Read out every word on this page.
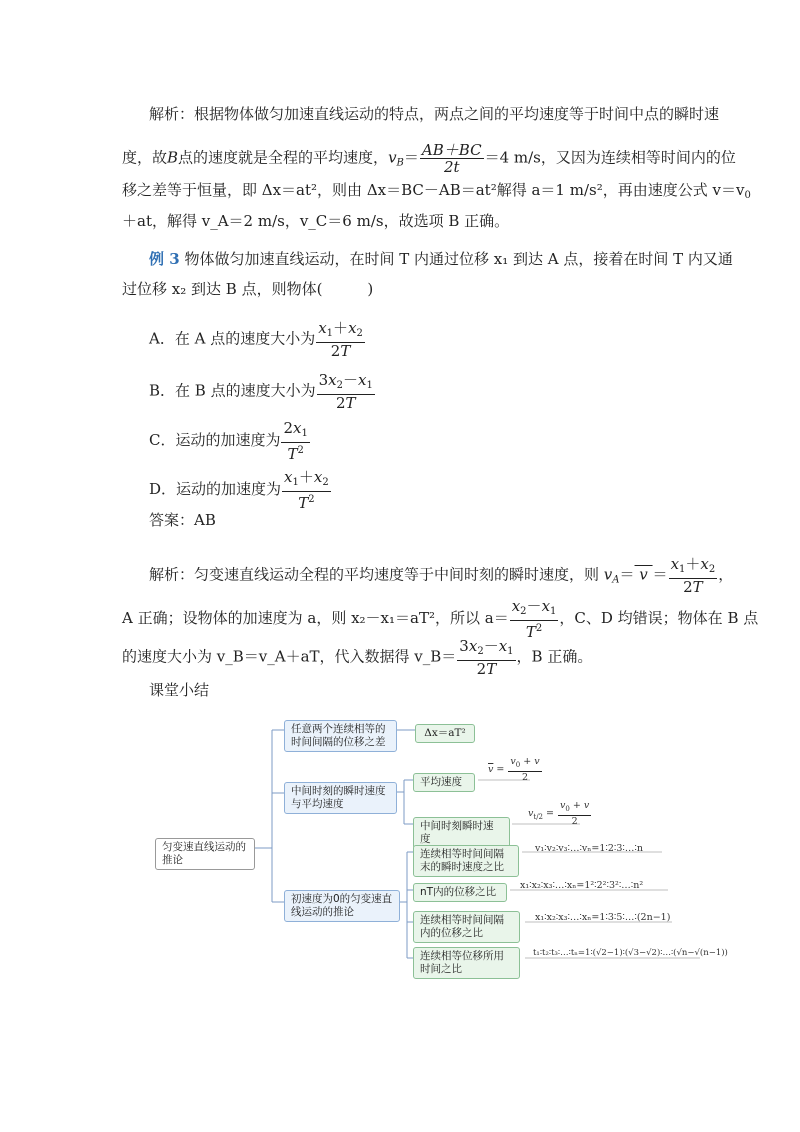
解析：根据物体做匀加速直线运动的特点，两点之间的平均速度等于时间中点的瞬时速
度，故B点的速度就是全程的平均速度，$v_B= \frac{AB+BC}{2t} =4$ m/s，又因为连续相等时间内的位
移之差等于恒量，即 Δx＝at²，则由 Δx＝BC－AB＝at²解得 a＝1 m/s²，再由速度公式 $v=v_0$
＋at，解得 v_A＝2 m/s，v_C＝6 m/s，故选项 B 正确。
例 3 物体做匀加速直线运动，在时间 T 内通过位移 x₁ 到达 A 点，接着在时间 T 内又通
过位移 x₂ 到达 B 点，则物体(　　　)
A．在 A 点的速度大小为 $\frac{x_1+x_2}{2T}$
B．在 B 点的速度大小为 $\frac{3x_2-x_1}{2T}$
C．运动的加速度为 $\frac{2x_1}{T^2}$
D．运动的加速度为 $\frac{x_1+x_2}{T^2}$
答案：AB
解析：匀变速直线运动全程的平均速度等于中间时刻的瞬时速度，则 $v_A= v = \frac{x_1+x_2}{2T}$ ，
A 正确；设物体的加速度为 a，则 x₂－x₁＝aT²，所以 $a= \frac{x_2-x_1}{T^2}$ ，C、D 均错误；物体在 B 点
的速度大小为 v_B＝v_A＋aT，代入数据得 v_B＝ $\frac{3x_2-x_1}{2T}$ ，B 正确。
课堂小结
匀变速直线运动的推论
任意两个连续相等的时间间隔的位移之差
Δx＝aT²
中间时刻的瞬时速度与平均速度
平均速度
$\overline{v} = \frac{v_0 + v}{2}$
中间时刻瞬时速度
$v_{t/2} = \frac{v_0 + v}{2}$
初速度为0的匀变速直线运动的推论
连续相等时间间隔末的瞬时速度之比
v₁∶v₂∶v₃∶…∶vₙ=1∶2∶3∶…∶n
nT内的位移之比
x₁∶x₂∶x₃∶…∶xₙ=1²∶2²∶3²∶…∶n²
连续相等时间间隔内的位移之比
x₁∶x₂∶x₃∶…∶xₙ=1∶3∶5∶…∶(2n−1)
连续相等位移所用时间之比
t₁∶t₂∶t₃∶…∶tₙ=1∶(√2−1)∶(√3−√2)∶…∶(√n−√(n−1))
